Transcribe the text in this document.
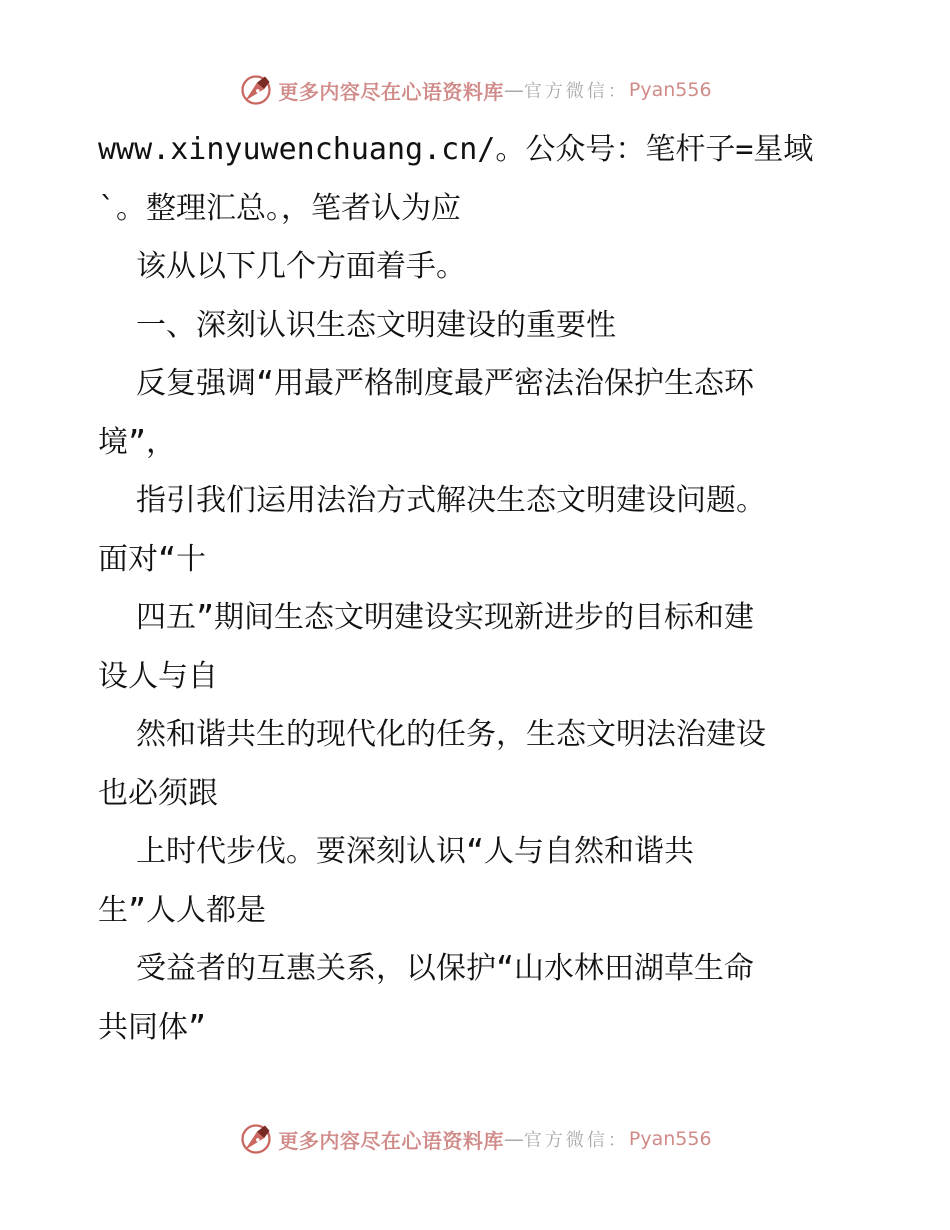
更多内容尽在心语资料库 — 官方微信： Pyan556
www.xinyuwenchuang.cn/。公众号：笔杆子=星域
`。整理汇总。，笔者认为应
该从以下几个方面着手。
一、深刻认识生态文明建设的重要性
反复强调“用最严格制度最严密法治保护生态环
境”，
指引我们运用法治方式解决生态文明建设问题。
面对“十
四五”期间生态文明建设实现新进步的目标和建
设人与自
然和谐共生的现代化的任务，生态文明法治建设
也必须跟
上时代步伐。要深刻认识“人与自然和谐共
生”人人都是
受益者的互惠关系，以保护“山水林田湖草生命
共同体”
更多内容尽在心语资料库 — 官方微信： Pyan556
